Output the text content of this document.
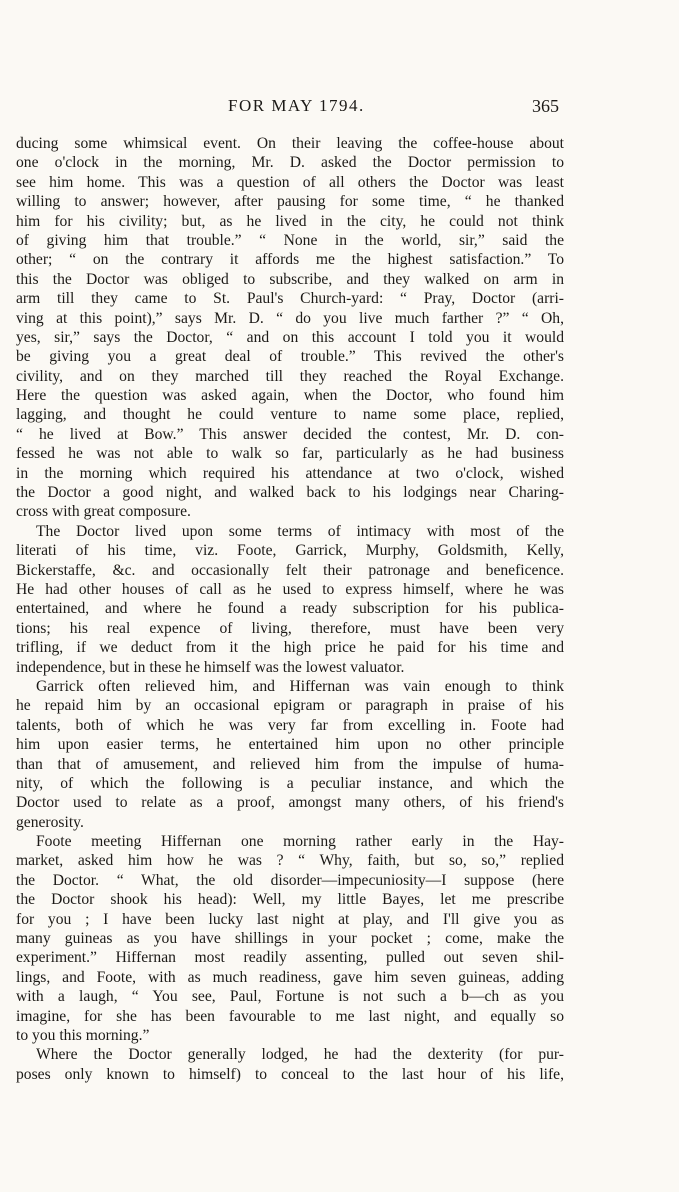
FOR MAY 1794.	365
ducing some whimsical event. On their leaving the coffee-house about
one o'clock in the morning, Mr. D. asked the Doctor permission to
see him home. This was a question of all others the Doctor was least
willing to answer; however, after pausing for some time, “ he thanked
him for his civility; but, as he lived in the city, he could not think
of giving him that trouble.” “ None in the world, sir,” said the
other; “ on the contrary it affords me the highest satisfaction.” To
this the Doctor was obliged to subscribe, and they walked on arm in
arm till they came to St. Paul's Church-yard: “ Pray, Doctor (arri-
ving at this point),” says Mr. D. “ do you live much farther ?” “ Oh,
yes, sir,” says the Doctor, “ and on this account I told you it would
be giving you a great deal of trouble.” This revived the other's
civility, and on they marched till they reached the Royal Exchange.
Here the question was asked again, when the Doctor, who found him
lagging, and thought he could venture to name some place, replied,
“ he lived at Bow.” This answer decided the contest, Mr. D. con-
fessed he was not able to walk so far, particularly as he had business
in the morning which required his attendance at two o'clock, wished
the Doctor a good night, and walked back to his lodgings near Charing-
cross with great composure.
The Doctor lived upon some terms of intimacy with most of the
literati of his time, viz. Foote, Garrick, Murphy, Goldsmith, Kelly,
Bickerstaffe, &c. and occasionally felt their patronage and beneficence.
He had other houses of call as he used to express himself, where he was
entertained, and where he found a ready subscription for his publica-
tions; his real expence of living, therefore, must have been very
trifling, if we deduct from it the high price he paid for his time and
independence, but in these he himself was the lowest valuator.
Garrick often relieved him, and Hiffernan was vain enough to think
he repaid him by an occasional epigram or paragraph in praise of his
talents, both of which he was very far from excelling in. Foote had
him upon easier terms, he entertained him upon no other principle
than that of amusement, and relieved him from the impulse of huma-
nity, of which the following is a peculiar instance, and which the
Doctor used to relate as a proof, amongst many others, of his friend's
generosity.
Foote meeting Hiffernan one morning rather early in the Hay-
market, asked him how he was ? “ Why, faith, but so, so,” replied
the Doctor. “ What, the old disorder—impecuniosity—I suppose (here
the Doctor shook his head): Well, my little Bayes, let me prescribe
for you ; I have been lucky last night at play, and I'll give you as
many guineas as you have shillings in your pocket ; come, make the
experiment.” Hiffernan most readily assenting, pulled out seven shil-
lings, and Foote, with as much readiness, gave him seven guineas, adding
with a laugh, “ You see, Paul, Fortune is not such a b—ch as you
imagine, for she has been favourable to me last night, and equally so
to you this morning.”
Where the Doctor generally lodged, he had the dexterity (for pur-
poses only known to himself) to conceal to the last hour of his life,
